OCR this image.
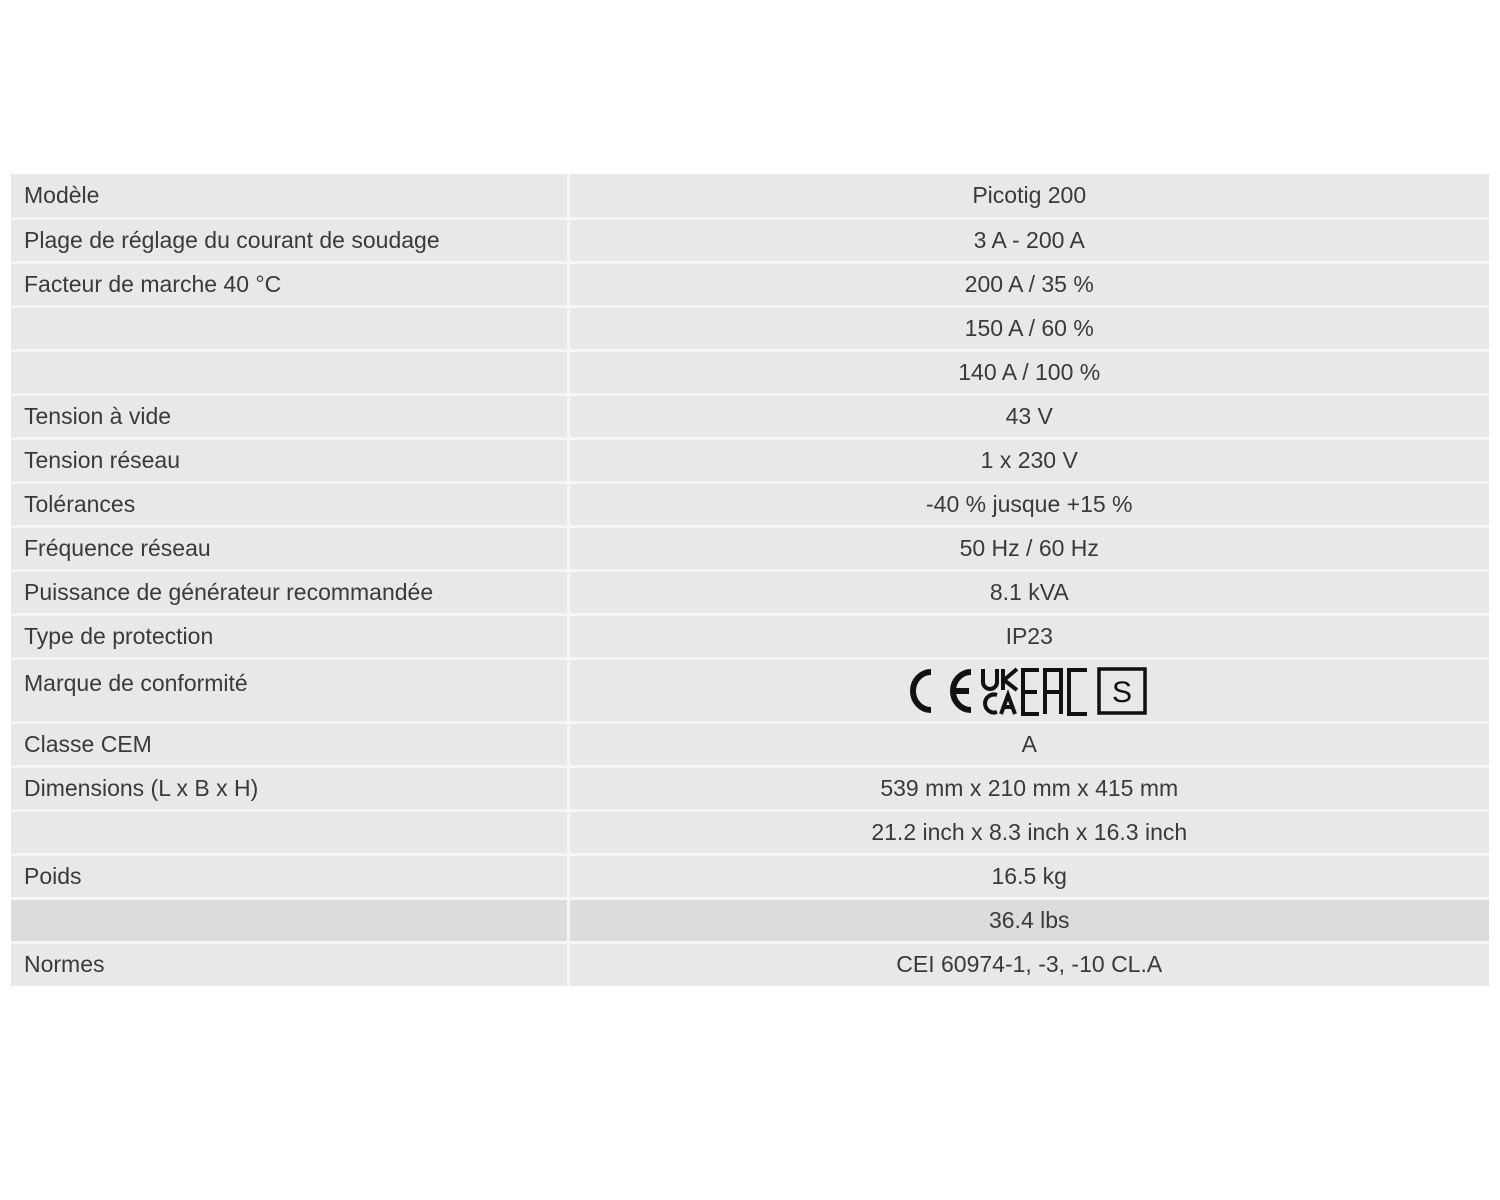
Modèle	Picotig 200
Plage de réglage du courant de soudage	3 A - 200 A
Facteur de marche 40 °C	200 A / 35 %
	150 A / 60 %
	140 A / 100 %
Tension à vide	43 V
Tension réseau	1 x 230 V
Tolérances	-40 % jusque +15 %
Fréquence réseau	50 Hz / 60 Hz
Puissance de générateur recommandée	8.1 kVA
Type de protection	IP23
Marque de conformité	S

Classe CEM	A
Dimensions (L x B x H)	539 mm x 210 mm x 415 mm
	21.2 inch x 8.3 inch x 16.3 inch
Poids	16.5 kg
	36.4 lbs
Normes	CEI 60974-1, -3, -10 CL.A
